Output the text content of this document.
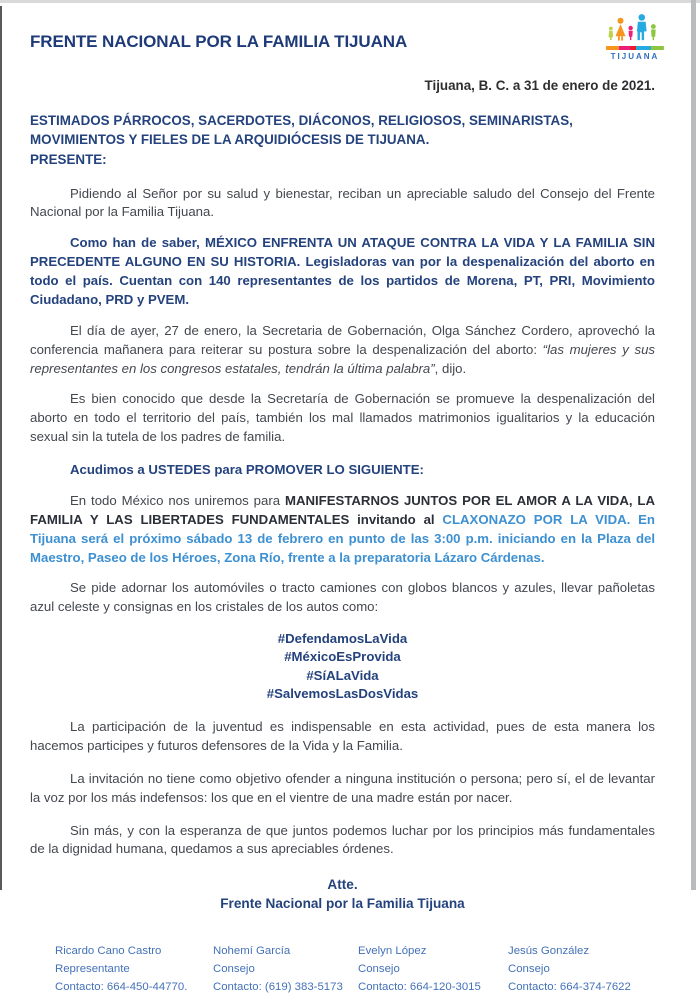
FRENTE NACIONAL POR LA FAMILIA TIJUANA
TIJUANA
Tijuana, B. C. a 31 de enero de 2021.
ESTIMADOS PÁRROCOS, SACERDOTES, DIÁCONOS, RELIGIOSOS, SEMINARISTAS, MOVIMIENTOS Y FIELES DE LA ARQUIDIÓCESIS DE TIJUANA.
PRESENTE:

Pidiendo al Señor por su salud y bienestar, reciban un apreciable saludo del Consejo del Frente Nacional por la Familia Tijuana.

Como han de saber, MÉXICO ENFRENTA UN ATAQUE CONTRA LA VIDA Y LA FAMILIA SIN PRECEDENTE ALGUNO EN SU HISTORIA. Legisladoras van por la despenalización del aborto en todo el país. Cuentan con 140 representantes de los partidos de Morena, PT, PRI, Movimiento Ciudadano, PRD y PVEM.

El día de ayer, 27 de enero, la Secretaria de Gobernación, Olga Sánchez Cordero, aprovechó la conferencia mañanera para reiterar su postura sobre la despenalización del aborto: “las mujeres y sus representantes en los congresos estatales, tendrán la última palabra”, dijo.

Es bien conocido que desde la Secretaría de Gobernación se promueve la despenalización del aborto en todo el territorio del país, también los mal llamados matrimonios igualitarios y la educación sexual sin la tutela de los padres de familia.

Acudimos a USTEDES para PROMOVER LO SIGUIENTE:

En todo México nos uniremos para MANIFESTARNOS JUNTOS POR EL AMOR A LA VIDA, LA FAMILIA Y LAS LIBERTADES FUNDAMENTALES invitando al CLAXONAZO POR LA VIDA. En Tijuana será el próximo sábado 13 de febrero en punto de las 3:00 p.m. iniciando en la Plaza del Maestro, Paseo de los Héroes, Zona Río, frente a la preparatoria Lázaro Cárdenas.

Se pide adornar los automóviles o tracto camiones con globos blancos y azules, llevar pañoletas azul celeste y consignas en los cristales de los autos como:

#DefendamosLaVida
#MéxicoEsProvida
#SíALaVida
#SalvemosLasDosVidas

La participación de la juventud es indispensable en esta actividad, pues de esta manera los hacemos participes y futuros defensores de la Vida y la Familia.

La invitación no tiene como objetivo ofender a ninguna institución o persona; pero sí, el de levantar la voz por los más indefensos: los que en el vientre de una madre están por nacer.

Sin más, y con la esperanza de que juntos podemos luchar por los principios más fundamentales de la dignidad humana, quedamos a sus apreciables órdenes.

Atte.
Frente Nacional por la Familia Tijuana
Ricardo Cano Castro
Representante
Contacto: 664-450-44770.
Nohemí García
Consejo
Contacto: (619) 383-5173
Evelyn López
Consejo
Contacto: 664-120-3015
Jesús González
Consejo
Contacto: 664-374-7622
